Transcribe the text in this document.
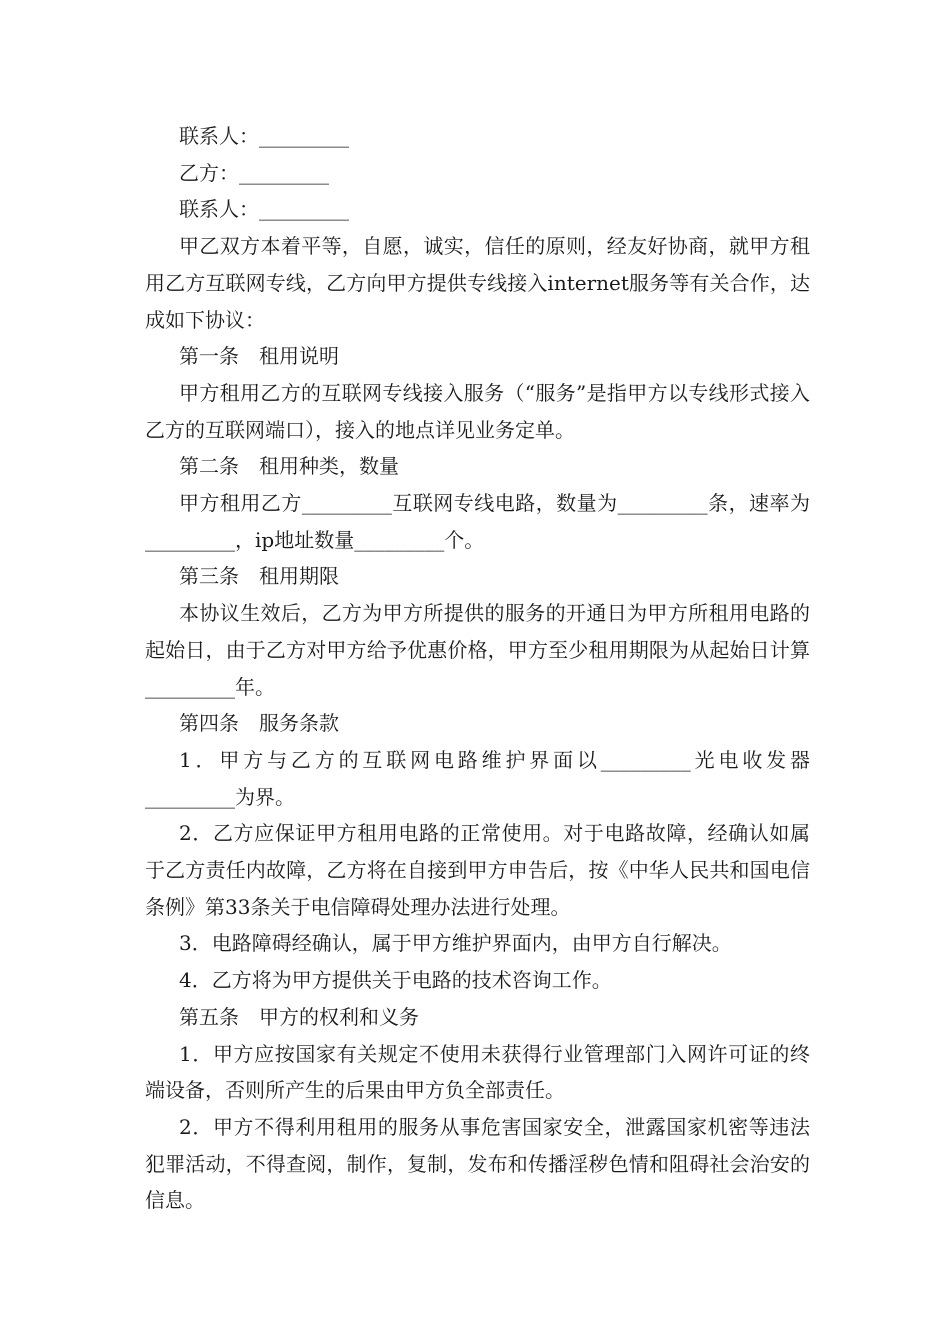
联系人：_________

乙方：_________

联系人：_________

甲乙双方本着平等，自愿，诚实，信任的原则，经友好协商，就甲方租用乙方互联网专线，乙方向甲方提供专线接入internet服务等有关合作，达成如下协议：

第一条　租用说明

甲方租用乙方的互联网专线接入服务（“服务”是指甲方以专线形式接入乙方的互联网端口），接入的地点详见业务定单。

第二条　租用种类，数量

甲方租用乙方_________互联网专线电路，数量为_________条，速率为_________，ip地址数量_________个。

第三条　租用期限

本协议生效后，乙方为甲方所提供的服务的开通日为甲方所租用电路的起始日，由于乙方对甲方给予优惠价格，甲方至少租用期限为从起始日计算_________年。

第四条　服务条款

1．甲方与乙方的互联网电路维护界面以_________光电收发器_________为界。

2．乙方应保证甲方租用电路的正常使用。对于电路故障，经确认如属于乙方责任内故障，乙方将在自接到甲方申告后，按《中华人民共和国电信条例》第33条关于电信障碍处理办法进行处理。

3．电路障碍经确认，属于甲方维护界面内，由甲方自行解决。

4．乙方将为甲方提供关于电路的技术咨询工作。

第五条　甲方的权利和义务

1．甲方应按国家有关规定不使用未获得行业管理部门入网许可证的终端设备，否则所产生的后果由甲方负全部责任。

2．甲方不得利用租用的服务从事危害国家安全，泄露国家机密等违法犯罪活动，不得查阅，制作，复制，发布和传播淫秽色情和阻碍社会治安的信息。
